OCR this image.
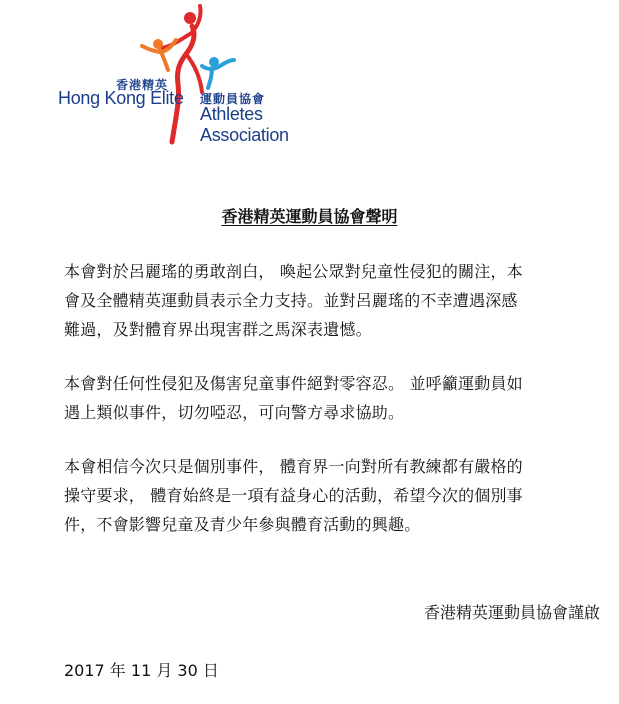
香港精英
Hong Kong Elite 運動員協會
Athletes Association
香港精英運動員協會聲明

本會對於呂麗瑤的勇敢剖白， 喚起公眾對兒童性侵犯的關注，本
會及全體精英運動員表示全力支持。並對呂麗瑤的不幸遭遇深感
難過，及對體育界出現害群之馬深表遺憾。

本會對任何性侵犯及傷害兒童事件絕對零容忍。 並呼籲運動員如
遇上類似事件，切勿啞忍，可向警方尋求協助。

本會相信今次只是個別事件， 體育界一向對所有教練都有嚴格的
操守要求， 體育始終是一項有益身心的活動，希望今次的個別事
件，不會影響兒童及青少年參與體育活動的興趣。

香港精英運動員協會謹啟
2017 年 11 月 30 日
